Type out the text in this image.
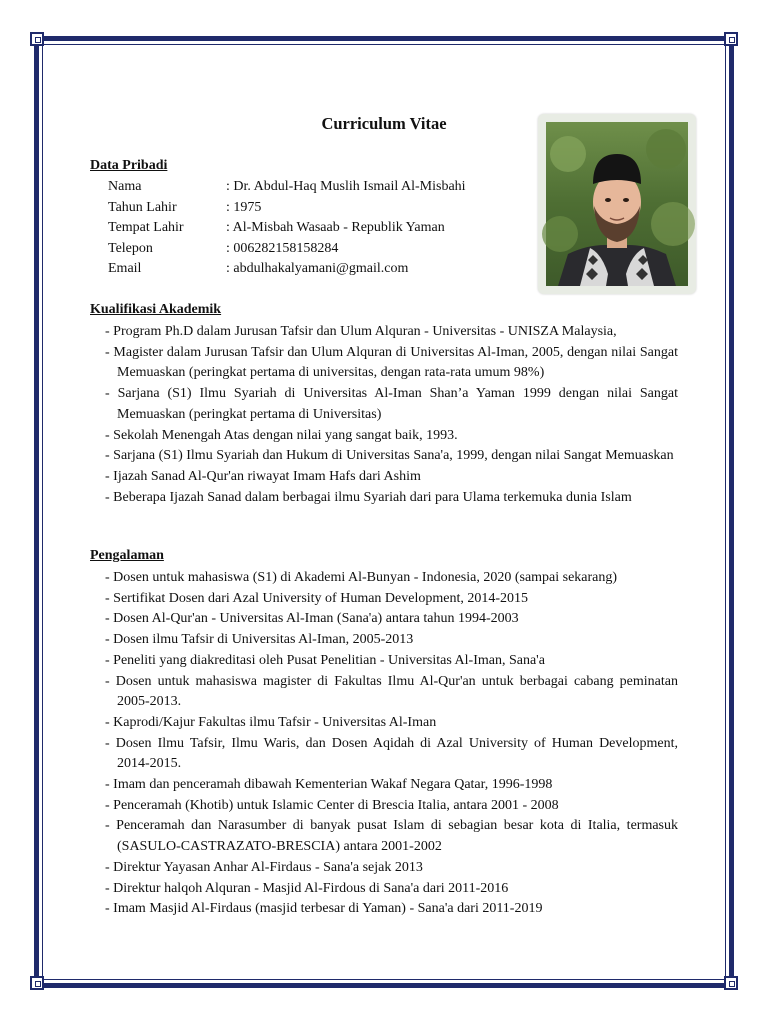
Curriculum Vitae
Data Pribadi
Nama	: Dr. Abdul-Haq Muslih Ismail Al-Misbahi
Tahun Lahir	: 1975
Tempat Lahir	: Al-Misbah Wasaab - Republik Yaman
Telepon	: 006282158158284
Email	: abdulhakalyamani@gmail.com
Kualifikasi Akademik

- Program Ph.D dalam Jurusan Tafsir dan Ulum Alquran - Universitas - UNISZA Malaysia,

- Magister dalam Jurusan Tafsir dan Ulum Alquran di Universitas Al-Iman, 2005, dengan nilai Sangat Memuaskan (peringkat pertama di universitas, dengan rata-rata umum 98%)

- Sarjana (S1) Ilmu Syariah di Universitas Al-Iman Shan’a Yaman 1999 dengan nilai Sangat Memuaskan (peringkat pertama di Universitas)

- Sekolah Menengah Atas dengan nilai yang sangat baik, 1993.

- Sarjana (S1) Ilmu Syariah dan Hukum di Universitas Sana'a, 1999, dengan nilai Sangat Memuaskan

- Ijazah Sanad Al-Qur'an riwayat Imam Hafs dari Ashim

- Beberapa Ijazah Sanad dalam berbagai ilmu Syariah dari para Ulama terkemuka dunia Islam

Pengalaman

- Dosen untuk mahasiswa (S1) di Akademi Al-Bunyan - Indonesia, 2020 (sampai sekarang)

- Sertifikat Dosen dari Azal University of Human Development, 2014-2015

- Dosen Al-Qur'an - Universitas Al-Iman (Sana'a) antara tahun 1994-2003

- Dosen ilmu Tafsir di Universitas Al-Iman, 2005-2013

- Peneliti yang diakreditasi oleh Pusat Penelitian - Universitas Al-Iman, Sana'a

- Dosen untuk mahasiswa magister di Fakultas Ilmu Al-Qur'an untuk berbagai cabang peminatan 2005-2013.

- Kaprodi/Kajur Fakultas ilmu Tafsir - Universitas Al-Iman

- Dosen Ilmu Tafsir, Ilmu Waris, dan Dosen Aqidah di Azal University of Human Development, 2014-2015.

- Imam dan penceramah dibawah Kementerian Wakaf Negara Qatar, 1996-1998

- Penceramah (Khotib) untuk Islamic Center di Brescia Italia, antara 2001 - 2008

- Penceramah dan Narasumber di banyak pusat Islam di sebagian besar kota di Italia, termasuk (SASULO-CASTRAZATO-BRESCIA) antara 2001-2002

- Direktur Yayasan Anhar Al-Firdaus - Sana'a sejak 2013

- Direktur halqoh Alquran - Masjid Al-Firdous di Sana'a dari 2011-2016

- Imam Masjid Al-Firdaus (masjid terbesar di Yaman) - Sana'a dari 2011-2019
